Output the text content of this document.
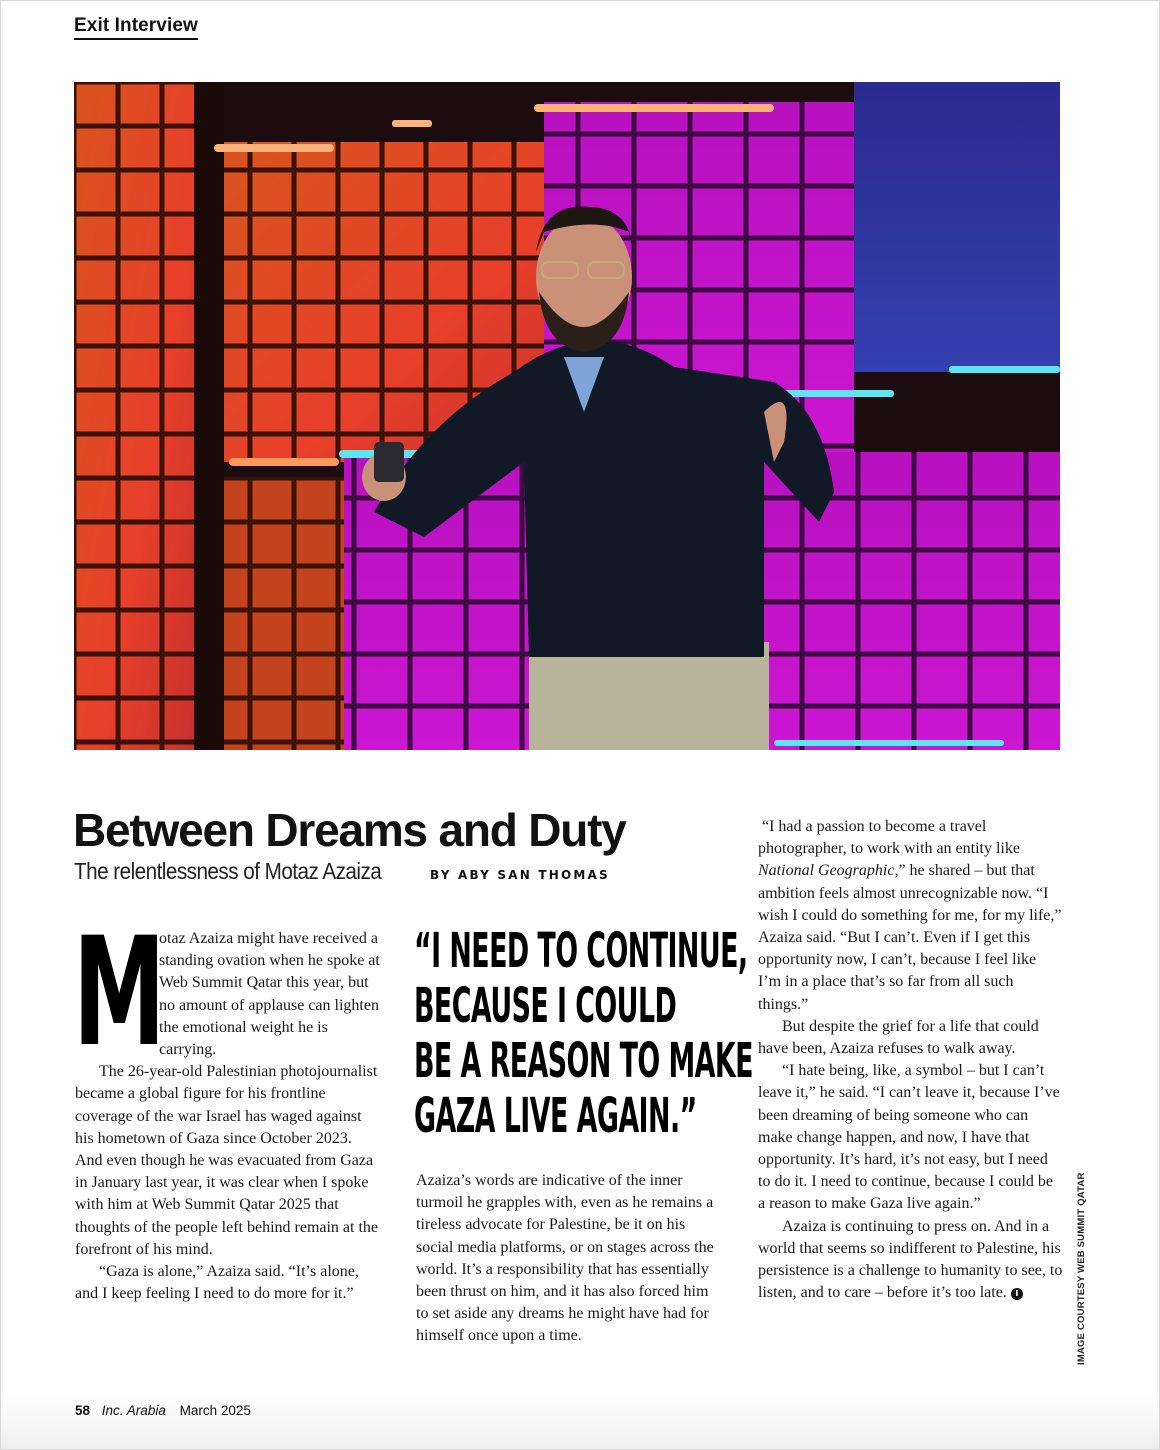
Exit Interview
Between Dreams and Duty
The relentlessness of Motaz Azaiza	BY ABY SAN THOMAS
M

otaz Azaiza might have received a standing ovation when he spoke at Web Summit Qatar this year, but no amount of applause can lighten the emotional weight he is carrying.

The 26-year-old Palestinian photojournalist became a global figure for his frontline coverage of the war Israel has waged against his hometown of Gaza since October 2023. And even though he was evacuated from Gaza in January last year, it was clear when I spoke with him at Web Summit Qatar 2025 that thoughts of the people left behind remain at the forefront of his mind.

“Gaza is alone,” Azaiza said. “It’s alone, and I keep feeling I need to do more for it.”

“I NEED TO CONTINUE,
BECAUSE I COULD
BE A REASON TO MAKE
GAZA LIVE AGAIN.”

Azaiza’s words are indicative of the inner turmoil he grapples with, even as he remains a tireless advocate for Palestine, be it on his social media platforms, or on stages across the world. It’s a responsibility that has essentially been thrust on him, and it has also forced him to set aside any dreams he might have had for himself once upon a time.

“I had a passion to become a travel photographer, to work with an entity like National Geographic,” he shared – but that ambition feels almost unrecognizable now. “I wish I could do something for me, for my life,” Azaiza said. “But I can’t. Even if I get this opportunity now, I can’t, because I feel like I’m in a place that’s so far from all such things.”

But despite the grief for a life that could have been, Azaiza refuses to walk away.

“I hate being, like, a symbol – but I can’t leave it,” he said. “I can’t leave it, because I’ve been dreaming of being someone who can make change happen, and now, I have that opportunity. It’s hard, it’s not easy, but I need to do it. I need to continue, because I could be a reason to make Gaza live again.”

Azaiza is continuing to press on. And in a world that seems so indifferent to Palestine, his persistence is a challenge to humanity to see, to listen, and to care – before it’s too late. I	IMAGE COURTESY WEB SUMMIT QATAR
58 Inc. Arabia March 2025
